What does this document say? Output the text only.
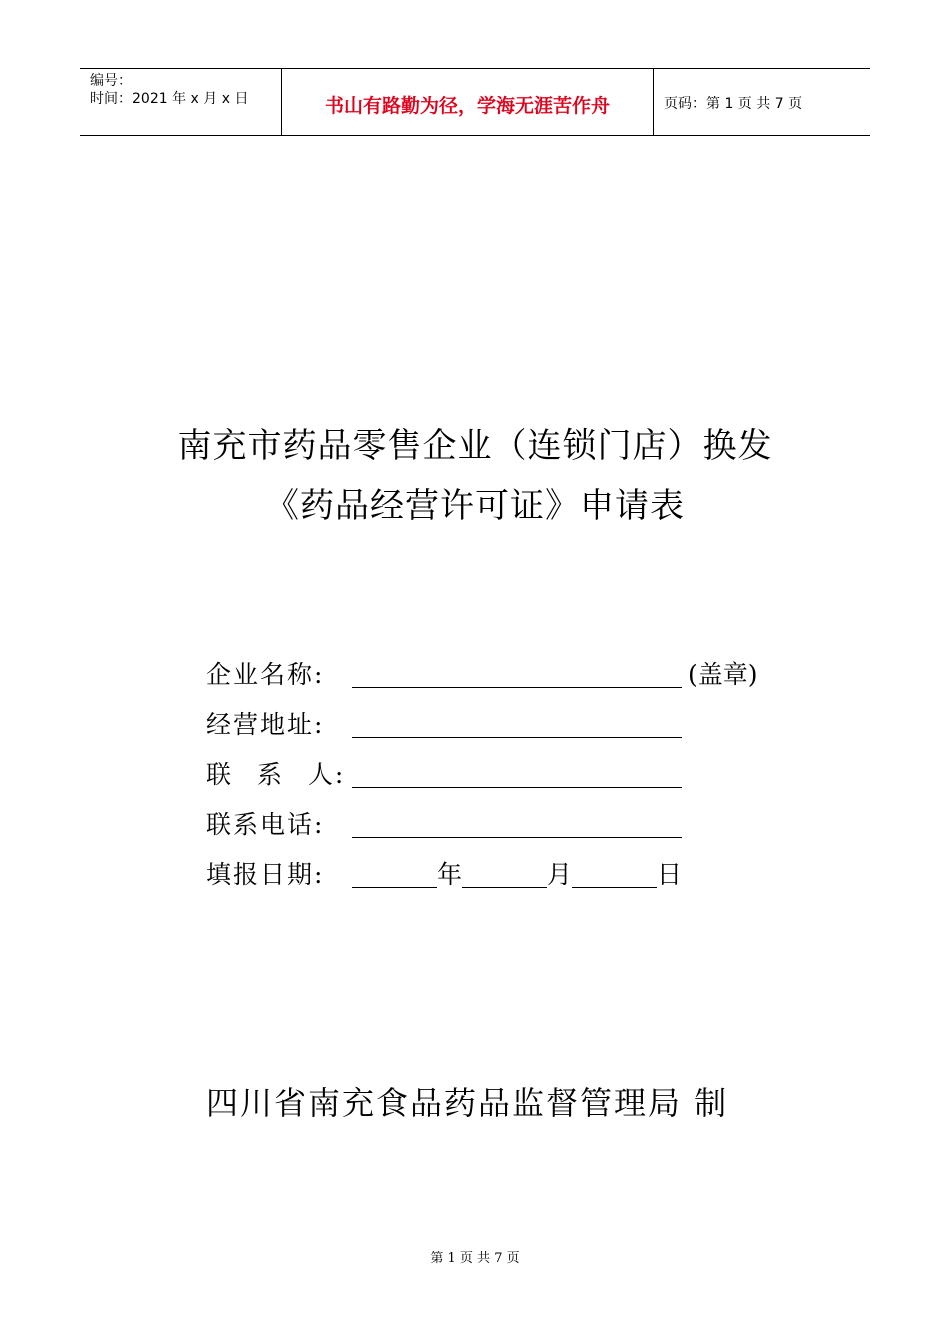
编号：
时间：2021 年 x 月 x 日	书山有路勤为径，学海无涯苦作舟	页码：第 1 页 共 7 页
南充市药品零售企业（连锁门店）换发
《药品经营许可证》申请表
企业名称:	(盖章)
经营地址:
联 系 人:
联系电话:
填报日期:	年	月	日
四川省南充食品药品监督管理局 制
第 1 页 共 7 页
